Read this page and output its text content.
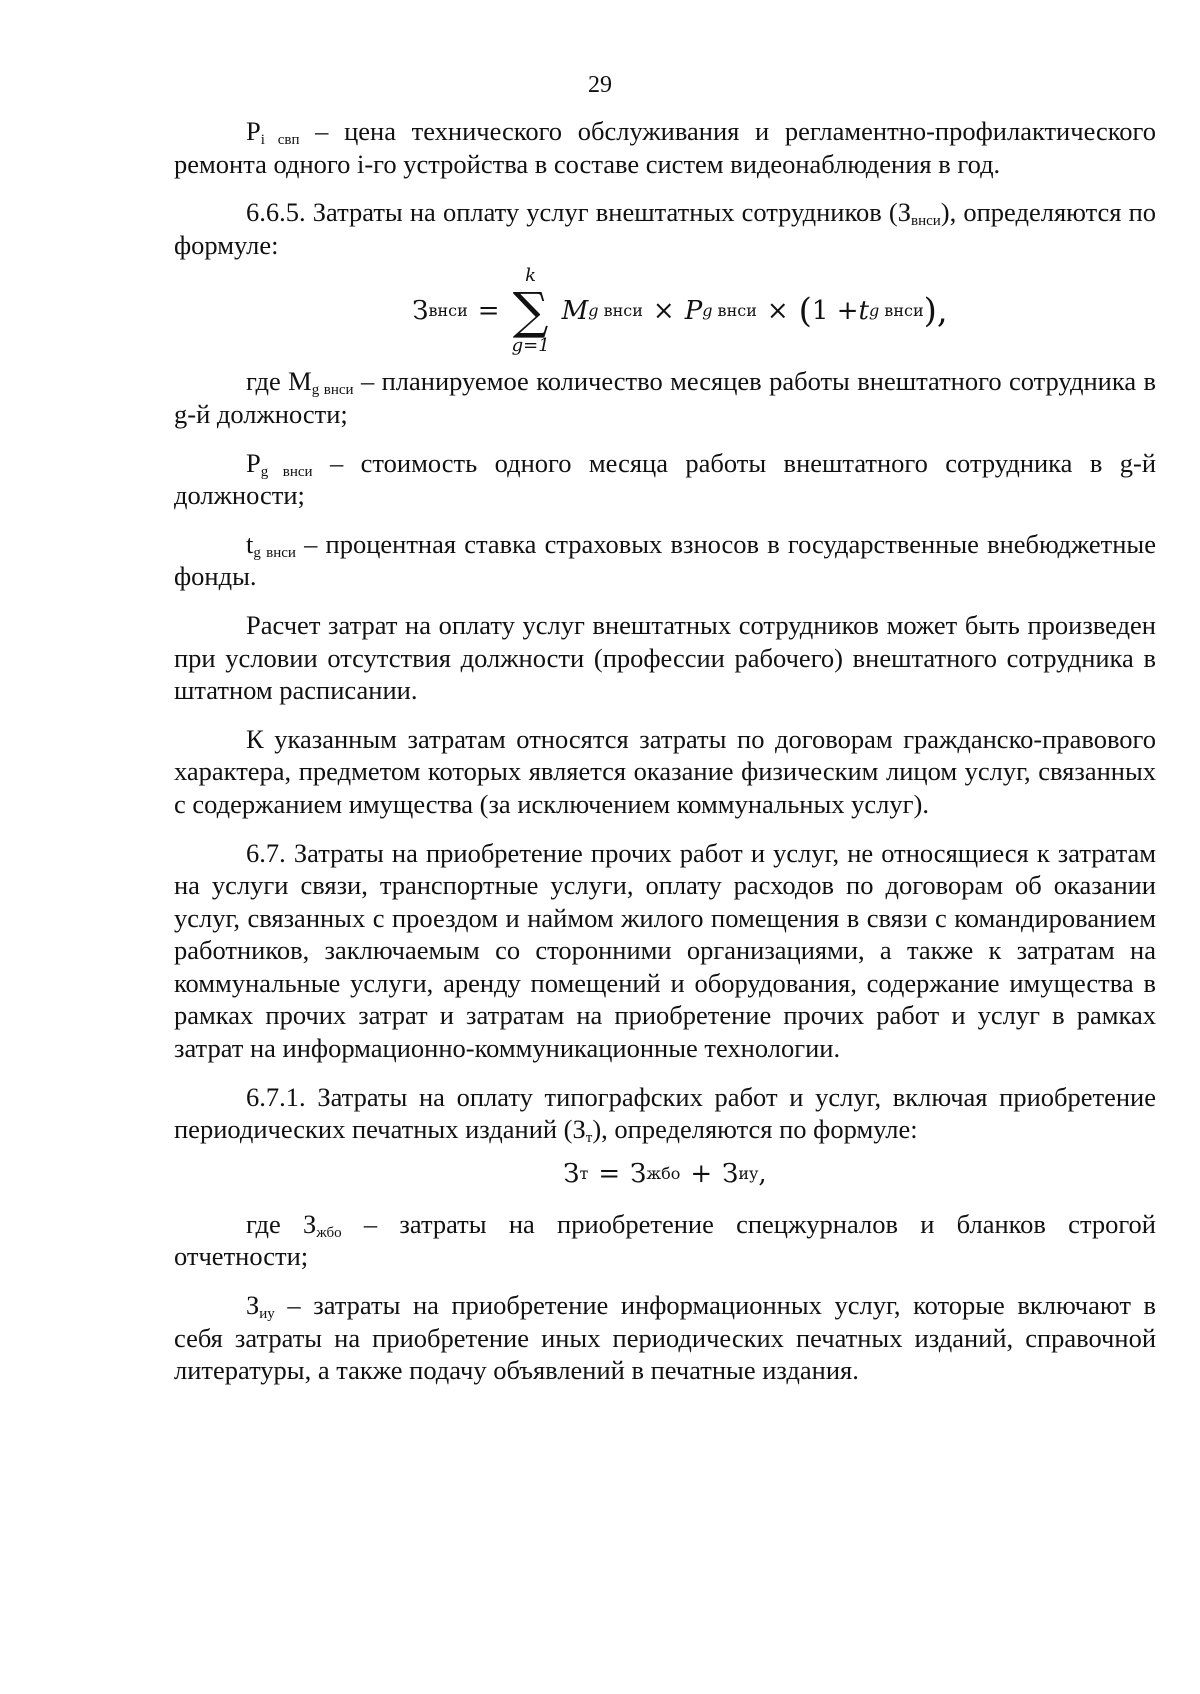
29

$P_{i свп}$ – цена технического обслуживания и регламентно-профилактического ремонта одного i-го устройства в составе систем видеонаблюдения в год.

6.6.5. Затраты на оплату услуг внештатных сотрудников $(З_{внси})$, определяются по формуле:

З внси =
k
∑
g=1
M g внси × P g внси × ( 1 + t g внси ),

где $М_{g внси}$ – планируемое количество месяцев работы внештатного сотрудника в g-й должности;

$P_{g внси}$ – стоимость одного месяца работы внештатного сотрудника в g-й должности;

$t_{g внси}$ – процентная ставка страховых взносов в государственные внебюджетные фонды.

Расчет затрат на оплату услуг внештатных сотрудников может быть произведен при условии отсутствия должности (профессии рабочего) внештатного сотрудника в штатном расписании.

К указанным затратам относятся затраты по договорам гражданско-правового характера, предметом которых является оказание физическим лицом услуг, связанных с содержанием имущества (за исключением коммунальных услуг).

6.7. Затраты на приобретение прочих работ и услуг, не относящиеся к затратам на услуги связи, транспортные услуги, оплату расходов по договорам об оказании услуг, связанных с проездом и наймом жилого помещения в связи с командированием работников, заключаемым со сторонними организациями, а также к затратам на коммунальные услуги, аренду помещений и оборудования, содержание имущества в рамках прочих затрат и затратам на приобретение прочих работ и услуг в рамках затрат на информационно-коммуникационные технологии.

6.7.1. Затраты на оплату типографских работ и услуг, включая приобретение периодических печатных изданий $(З_т)$, определяются по формуле:

З т = З жбо + З иу ,

где $З_{жбо}$ – затраты на приобретение спецжурналов и бланков строгой отчетности;

$З_{иу}$ – затраты на приобретение информационных услуг, которые включают в себя затраты на приобретение иных периодических печатных изданий, справочной литературы, а также подачу объявлений в печатные издания.
